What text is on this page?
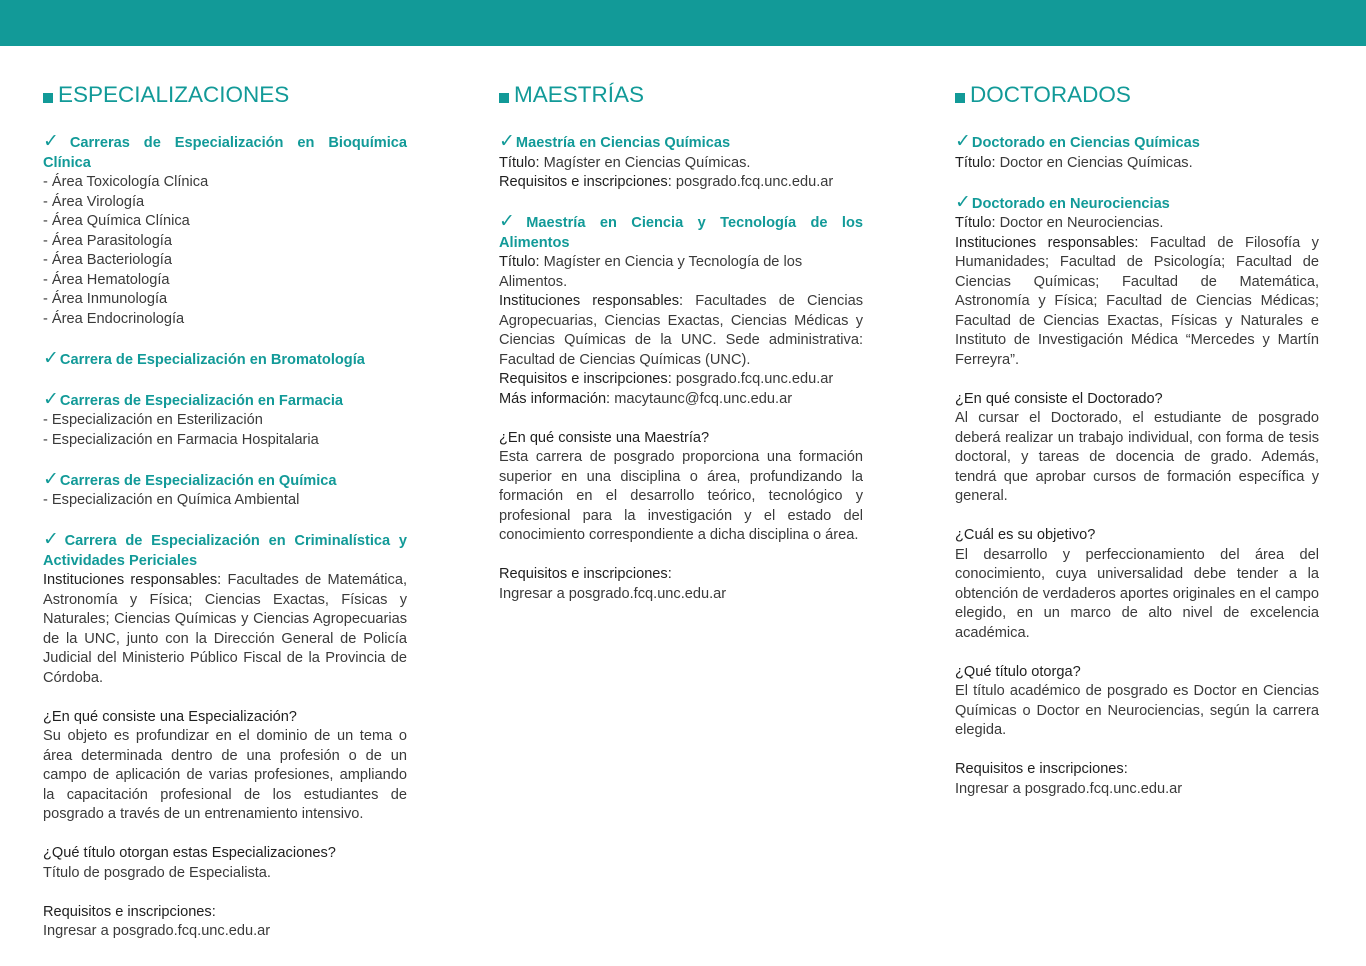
ESPECIALIZACIONES

✓Carreras de Especialización en Bioquímica Clínica

- Área Toxicología Clínica

- Área Virología

- Área Química Clínica

- Área Parasitología

- Área Bacteriología

- Área Hematología

- Área Inmunología

- Área Endocrinología

✓Carrera de Especialización en Bromatología

✓Carreras de Especialización en Farmacia

- Especialización en Esterilización

- Especialización en Farmacia Hospitalaria

✓Carreras de Especialización en Química

- Especialización en Química Ambiental

✓Carrera de Especialización en Criminalística y Actividades Periciales

Instituciones responsables: Facultades de Matemática, Astronomía y Física; Ciencias Exactas, Físicas y Naturales; Ciencias Químicas y Ciencias Agropecuarias de la UNC, junto con la Dirección General de Policía Judicial del Ministerio Público Fiscal de la Provincia de Córdoba.

¿En qué consiste una Especialización?

Su objeto es profundizar en el dominio de un tema o área determinada dentro de una profesión o de un campo de aplicación de varias profesiones, ampliando la capacitación profesional de los estudiantes de posgrado a través de un entrenamiento intensivo.

¿Qué título otorgan estas Especializaciones?

Título de posgrado de Especialista.

Requisitos e inscripciones:

Ingresar a posgrado.fcq.unc.edu.ar

MAESTRÍAS

✓Maestría en Ciencias Químicas

Título: Magíster en Ciencias Químicas.

Requisitos e inscripciones: posgrado.fcq.unc.edu.ar

✓Maestría en Ciencia y Tecnología de los Alimentos

Título: Magíster en Ciencia y Tecnología de los Alimentos.

Instituciones responsables: Facultades de Ciencias Agropecuarias, Ciencias Exactas, Ciencias Médicas y Ciencias Químicas de la UNC. Sede administrativa: Facultad de Ciencias Químicas (UNC).

Requisitos e inscripciones: posgrado.fcq.unc.edu.ar

Más información: macytaunc@fcq.unc.edu.ar

¿En qué consiste una Maestría?

Esta carrera de posgrado proporciona una formación superior en una disciplina o área, profundizando la formación en el desarrollo teórico, tecnológico y profesional para la investigación y el estado del conocimiento correspondiente a dicha disciplina o área.

Requisitos e inscripciones:

Ingresar a posgrado.fcq.unc.edu.ar

DOCTORADOS

✓Doctorado en Ciencias Químicas

Título: Doctor en Ciencias Químicas.

✓Doctorado en Neurociencias

Título: Doctor en Neurociencias.

Instituciones responsables: Facultad de Filosofía y Humanidades; Facultad de Psicología; Facultad de Ciencias Químicas; Facultad de Matemática, Astronomía y Física; Facultad de Ciencias Médicas; Facultad de Ciencias Exactas, Físicas y Naturales e Instituto de Investigación Médica “Mercedes y Martín Ferreyra”.

¿En qué consiste el Doctorado?

Al cursar el Doctorado, el estudiante de posgrado deberá realizar un trabajo individual, con forma de tesis doctoral, y tareas de docencia de grado. Además, tendrá que aprobar cursos de formación específica y general.

¿Cuál es su objetivo?

El desarrollo y perfeccionamiento del área del conocimiento, cuya universalidad debe tender a la obtención de verdaderos aportes originales en el campo elegido, en un marco de alto nivel de excelencia académica.

¿Qué título otorga?

El título académico de posgrado es Doctor en Ciencias Químicas o Doctor en Neurociencias, según la carrera elegida.

Requisitos e inscripciones:

Ingresar a posgrado.fcq.unc.edu.ar
